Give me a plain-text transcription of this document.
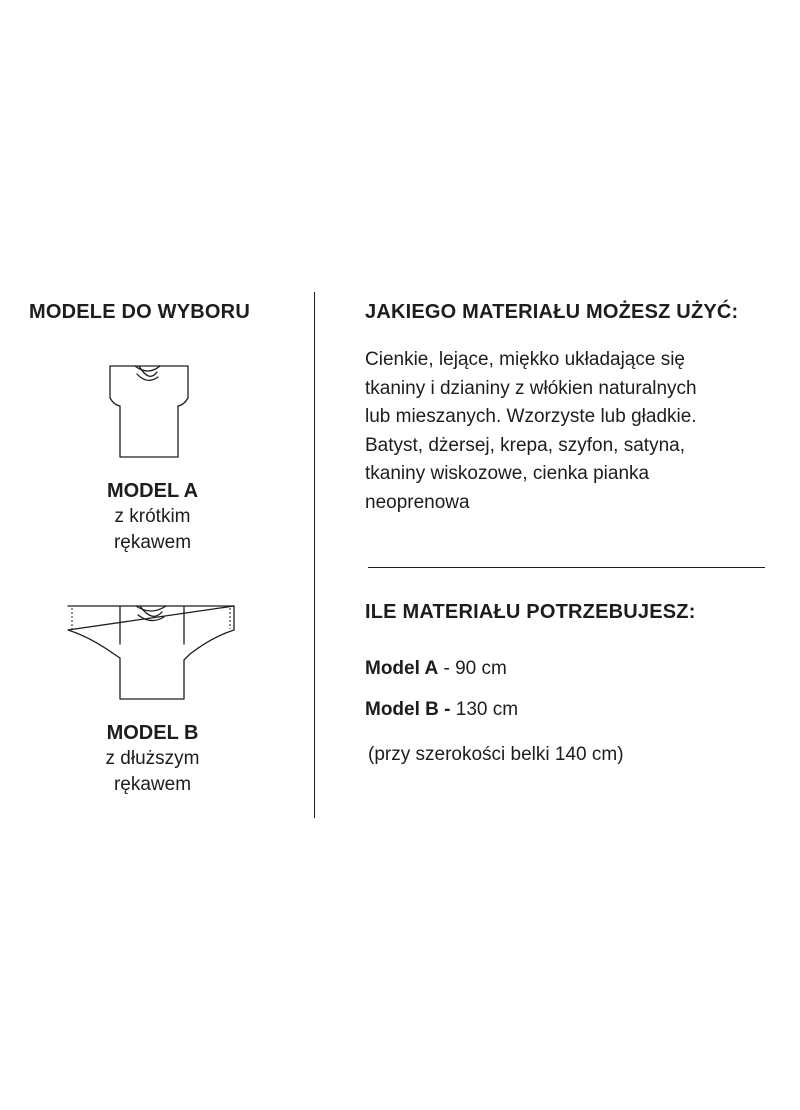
MODELE DO WYBORU
MODEL A
z krótkim
rękawem
MODEL B
z dłuższym
rękawem
JAKIEGO MATERIAŁU MOŻESZ UŻYĆ:
Cienkie, lejące, miękko układające się
tkaniny i dzianiny z włókien naturalnych
lub mieszanych. Wzorzyste lub gładkie.
Batyst, dżersej, krepa, szyfon, satyna,
tkaniny wiskozowe, cienka pianka
neoprenowa
ILE MATERIAŁU POTRZEBUJESZ:
Model A - 90 cm
Model B - 130 cm
(przy szerokości belki 140 cm)
